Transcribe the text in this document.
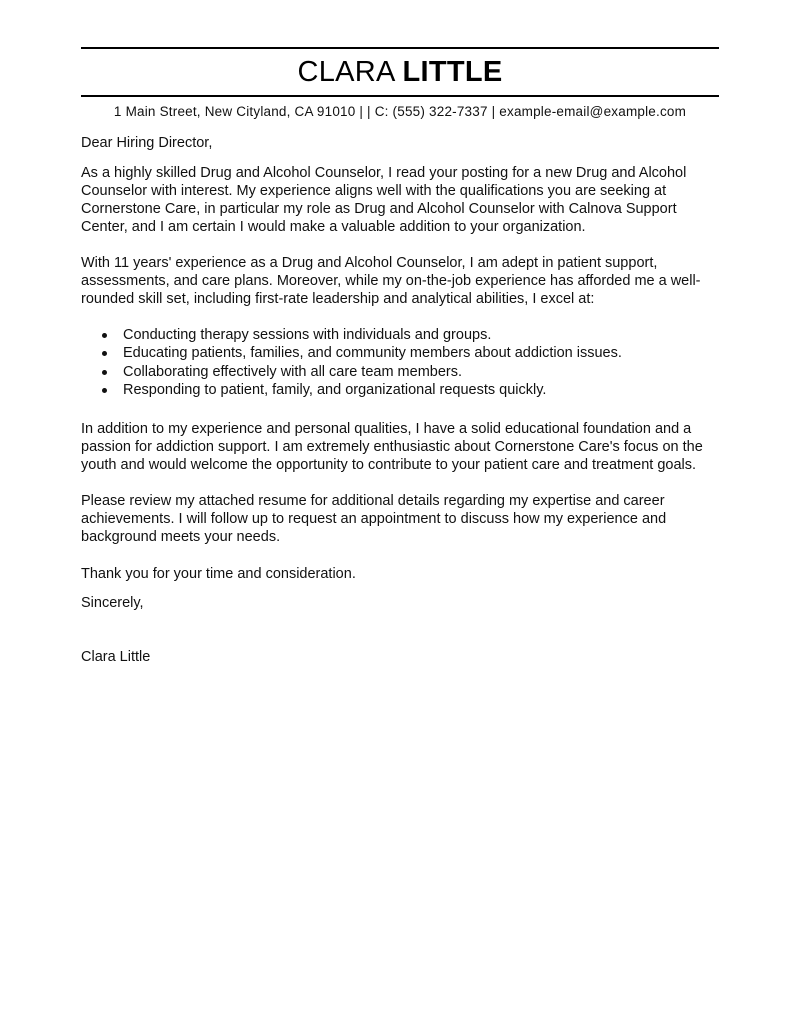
CLARA LITTLE
1 Main Street, New Cityland, CA 91010 | | C: (555) 322-7337 | example-email@example.com
Dear Hiring Director,

As a highly skilled Drug and Alcohol Counselor, I read your posting for a new Drug and Alcohol Counselor with interest. My experience aligns well with the qualifications you are seeking at Cornerstone Care, in particular my role as Drug and Alcohol Counselor with Calnova Support Center, and I am certain I would make a valuable addition to your organization.

With 11 years' experience as a Drug and Alcohol Counselor, I am adept in patient support, assessments, and care plans. Moreover, while my on-the-job experience has afforded me a well-rounded skill set, including first-rate leadership and analytical abilities, I excel at:

Conducting therapy sessions with individuals and groups.
Educating patients, families, and community members about addiction issues.
Collaborating effectively with all care team members.
Responding to patient, family, and organizational requests quickly.

In addition to my experience and personal qualities, I have a solid educational foundation and a passion for addiction support. I am extremely enthusiastic about Cornerstone Care's focus on the youth and would welcome the opportunity to contribute to your patient care and treatment goals.

Please review my attached resume for additional details regarding my expertise and career achievements. I will follow up to request an appointment to discuss how my experience and background meets your needs.

Thank you for your time and consideration.
Sincerely,
Clara Little
